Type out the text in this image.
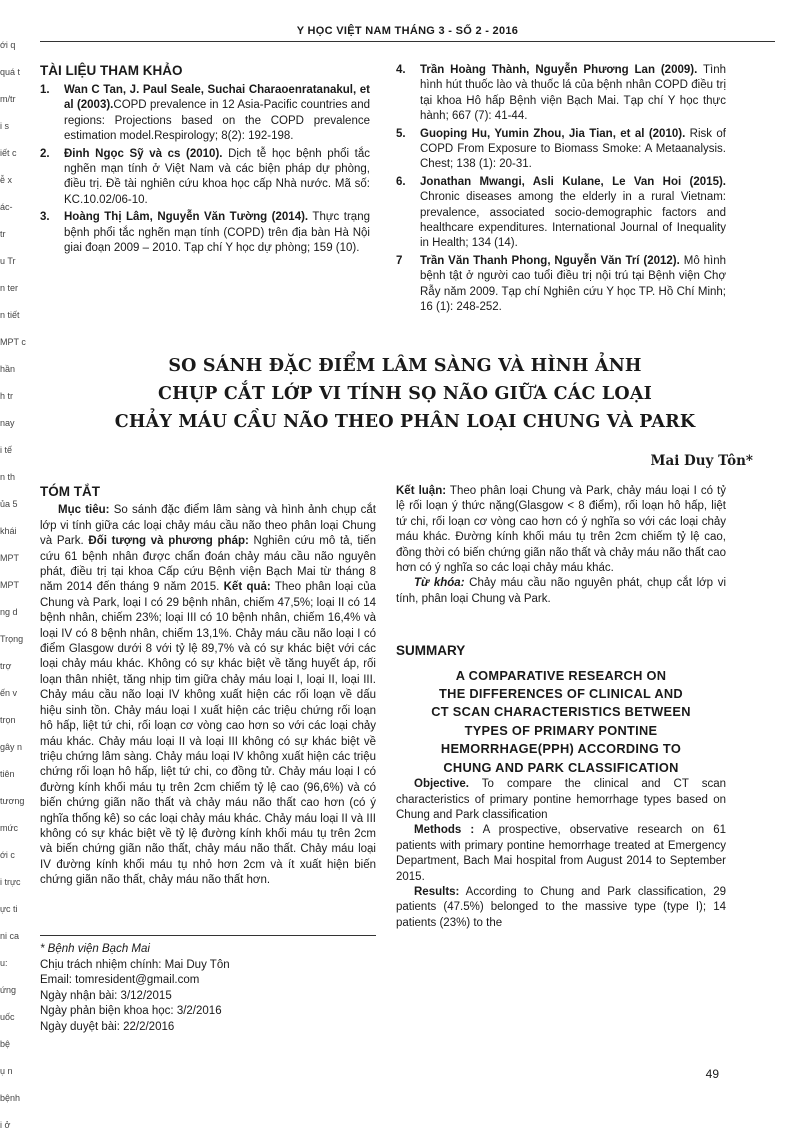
Y HỌC VIỆT NAM THÁNG 3 - SỐ 2 - 2016
ới q
quá t
m/tr
i s
iết c
ễ x
ác-
tr
u Tr
n ter
n tiết
MPT c
hần
h tr
nay
i tế
n th
ủa 5
khái
MPT
MPT
ng d
Trọng
trợ
ến v
trọn
gây n
tiên
tương
mức
ới c
i trực
ực ti
ni ca
u:
ứng
uốc
bệ
ụ n
bệnh
i ở
TÀI LIỆU THAM KHẢO
1.	Wan C Tan, J. Paul Seale, Suchai Charaoenratanakul, et al (2003).COPD prevalence in 12 Asia-Pacific countries and regions: Projections based on the COPD prevalence estimation model.Respirology; 8(2): 192-198.
2.	Đinh Ngọc Sỹ và cs (2010). Dịch tễ học bệnh phổi tắc nghẽn mạn tính ở Việt Nam và các biện pháp dự phòng, điều trị. Đề tài nghiên cứu khoa học cấp Nhà nước. Mã số: KC.10.02/06-10.
3.	Hoàng Thị Lâm, Nguyễn Văn Tường (2014). Thực trạng bệnh phổi tắc nghẽn mạn tính (COPD) trên địa bàn Hà Nội giai đoạn 2009 – 2010. Tạp chí Y học dự phòng; 159 (10).
4.	Trần Hoàng Thành, Nguyễn Phương Lan (2009). Tình hình hút thuốc lào và thuốc lá của bệnh nhân COPD điều trị tại khoa Hô hấp Bệnh viện Bạch Mai. Tạp chí Y học thực hành; 667 (7): 41-44.
5.	Guoping Hu, Yumin Zhou, Jia Tian, et al (2010). Risk of COPD From Exposure to Biomass Smoke: A Metaanalysis. Chest; 138 (1): 20-31.
6.	Jonathan Mwangi, Asli Kulane, Le Van Hoi (2015). Chronic diseases among the elderly in a rural Vietnam: prevalence, associated socio-demographic factors and healthcare expenditures. International Journal of Inequality in Health; 134 (14).
7	Trần Văn Thanh Phong, Nguyễn Văn Trí (2012). Mô hình bệnh tật ở người cao tuổi điều trị nội trú tại Bệnh viện Chợ Rẫy năm 2009. Tạp chí Nghiên cứu Y học TP. Hồ Chí Minh; 16 (1): 248-252.
SO SÁNH ĐẶC ĐIỂM LÂM SÀNG VÀ HÌNH ẢNH
CHỤP CẮT LỚP VI TÍNH SỌ NÃO GIỮA CÁC LOẠI
CHẢY MÁU CẦU NÃO THEO PHÂN LOẠI CHUNG VÀ PARK
Mai Duy Tôn*
TÓM TẮT

Mục tiêu: So sánh đặc điểm lâm sàng và hình ảnh chụp cắt lớp vi tính giữa các loại chảy máu cầu não theo phân loại Chung và Park. Đối tượng và phương pháp: Nghiên cứu mô tả, tiến cứu 61 bệnh nhân được chẩn đoán chảy máu cầu não nguyên phát, điều trị tại khoa Cấp cứu Bệnh viện Bạch Mai từ tháng 8 năm 2014 đến tháng 9 năm 2015. Kết quả: Theo phân loại của Chung và Park, loại I có 29 bệnh nhân, chiếm 47,5%; loại II có 14 bệnh nhân, chiếm 23%; loại III có 10 bệnh nhân, chiếm 16,4% và loại IV có 8 bệnh nhân, chiếm 13,1%. Chảy máu cầu não loại I có điểm Glasgow dưới 8 với tỷ lệ 89,7% và có sự khác biệt với các loại chảy máu khác. Không có sự khác biệt về tăng huyết áp, rối loạn thân nhiệt, tăng nhịp tim giữa chảy máu loại I, loại II, loại III. Chảy máu cầu não loại IV không xuất hiện các rối loạn về dấu hiệu sinh tồn. Chảy máu loại I xuất hiện các triệu chứng rối loạn hô hấp, liệt tứ chi, rối loạn cơ vòng cao hơn so với các loại chảy máu khác. Chảy máu loại II và loại III không có sự khác biệt về triệu chứng lâm sàng. Chảy máu loại IV không xuất hiện các triệu chứng rối loạn hô hấp, liệt tứ chi, co đồng tử. Chảy máu loại I có đường kính khối máu tụ trên 2cm chiếm tỷ lệ cao (96,6%) và có biến chứng giãn não thất và chảy máu não thất cao hơn (có ý nghĩa thống kê) so các loại chảy máu khác. Chảy máu loại II và III không có sự khác biệt về tỷ lệ đường kính khối máu tụ trên 2cm và biến chứng giãn não thất, chảy máu não thất. Chảy máu loại IV đường kính khối máu tụ nhỏ hơn 2cm và ít xuất hiện biến chứng giãn não thất, chảy máu não thất hơn.

* Bệnh viện Bạch Mai
Chịu trách nhiệm chính: Mai Duy Tôn
Email: tomresident@gmail.com
Ngày nhận bài: 3/12/2015
Ngày phản biện khoa học: 3/2/2016
Ngày duyệt bài: 22/2/2016

Kết luận: Theo phân loại Chung và Park, chảy máu loại I có tỷ lệ rối loạn ý thức nặng(Glasgow < 8 điểm), rối loạn hô hấp, liệt tứ chi, rối loạn cơ vòng cao hơn có ý nghĩa so với các loại chảy máu khác. Đường kính khối máu tụ trên 2cm chiếm tỷ lệ cao, đồng thời có biến chứng giãn não thất và chảy máu não thất cao hơn có ý nghĩa so các loại chảy máu khác.

Từ khóa: Chảy máu cầu não nguyên phát, chụp cắt lớp vi tính, phân loại Chung và Park.

SUMMARY
A COMPARATIVE RESEARCH ON
THE DIFFERENCES OF CLINICAL AND
CT SCAN CHARACTERISTICS BETWEEN
TYPES OF PRIMARY PONTINE
HEMORRHAGE(PPH) ACCORDING TO
CHUNG AND PARK CLASSIFICATION

Objective. To compare the clinical and CT scan characteristics of primary pontine hemorrhage types based on Chung and Park classification

Methods : A prospective, observative research on 61 patients with primary pontine hemorrhage treated at Emergency Department, Bach Mai hospital from August 2014 to September 2015.

Results: According to Chung and Park classification, 29 patients (47.5%) belonged to the massive type (type I); 14 patients (23%) to the

49
